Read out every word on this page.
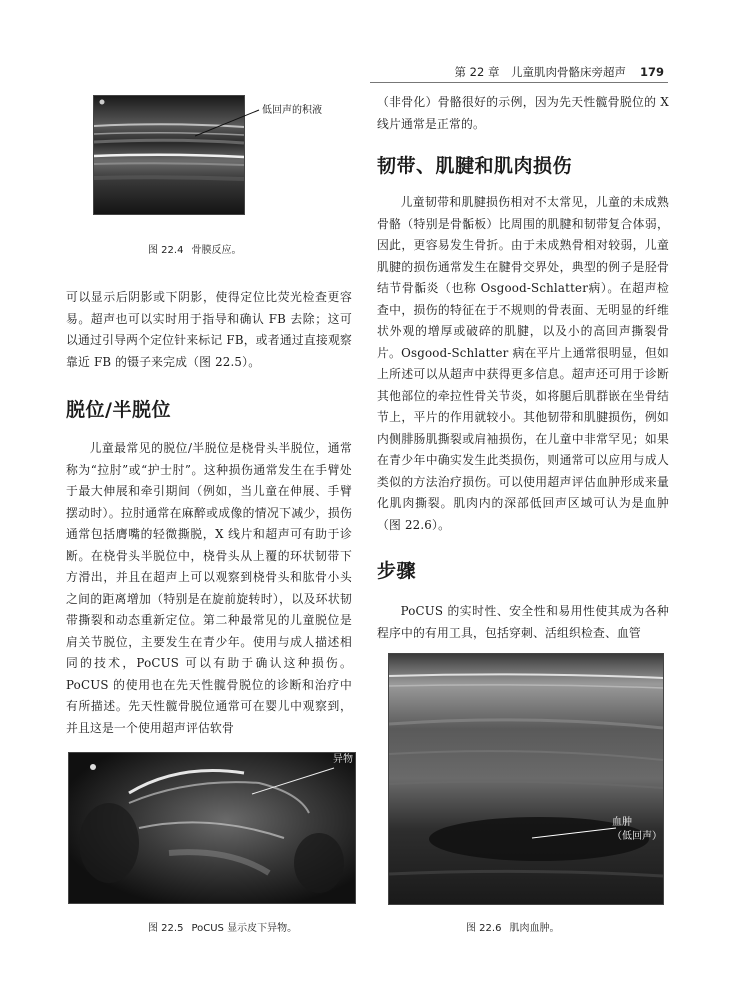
第 22 章　儿童肌肉骨骼床旁超声 179
低回声的积液
图 22.4 骨膜反应。

可以显示后阴影或下阴影，使得定位比荧光检查更容易。超声也可以实时用于指导和确认 FB 去除；这可以通过引导两个定位针来标记 FB，或者通过直接观察靠近 FB 的镊子来完成（图 22.5）。

脱位/半脱位

儿童最常见的脱位/半脱位是桡骨头半脱位，通常称为“拉肘”或“护士肘”。这种损伤通常发生在手臂处于最大伸展和牵引期间（例如，当儿童在伸展、手臂摆动时）。拉肘通常在麻醉或成像的情况下减少，损伤通常包括膺嘴的轻微撕脱，X 线片和超声可有助于诊断。在桡骨头半脱位中，桡骨头从上覆的环状韧带下方滑出，并且在超声上可以观察到桡骨头和肱骨小头之间的距离增加（特别是在旋前旋转时），以及环状韧带撕裂和动态重新定位。第二种最常见的儿童脱位是肩关节脱位，主要发生在青少年。使用与成人描述相同的技术，PoCUS 可以有助于确认这种损伤。PoCUS 的使用也在先天性髋骨脱位的诊断和治疗中有所描述。先天性髋骨脱位通常可在婴儿中观察到，并且这是一个使用超声评估软骨

（非骨化）骨骼很好的示例，因为先天性髋骨脱位的 X 线片通常是正常的。

韧带、肌腱和肌肉损伤

儿童韧带和肌腱损伤相对不太常见，儿童的未成熟骨骼（特别是骨骺板）比周围的肌腱和韧带复合体弱，因此，更容易发生骨折。由于未成熟骨相对较弱，儿童肌腱的损伤通常发生在腱骨交界处，典型的例子是胫骨结节骨骺炎（也称 Osgood-Schlatter病）。在超声检查中，损伤的特征在于不规则的骨表面、无明显的纤维状外观的增厚或破碎的肌腱，以及小的高回声撕裂骨片。Osgood-Schlatter 病在平片上通常很明显，但如上所述可以从超声中获得更多信息。超声还可用于诊断其他部位的牵拉性骨关节炎，如将腿后肌群嵌在坐骨结节上，平片的作用就较小。其他韧带和肌腱损伤，例如内侧腓肠肌撕裂或肩袖损伤，在儿童中非常罕见；如果在青少年中确实发生此类损伤，则通常可以应用与成人类似的方法治疗损伤。可以使用超声评估血肿形成来量化肌肉撕裂。肌肉内的深部低回声区域可认为是血肿（图 22.6）。

步骤

PoCUS 的实时性、安全性和易用性使其成为各种程序中的有用工具，包括穿刺、活组织检查、血管

异物
图 22.5 PoCUS 显示皮下异物。
血肿
（低回声）
图 22.6 肌肉血肿。
